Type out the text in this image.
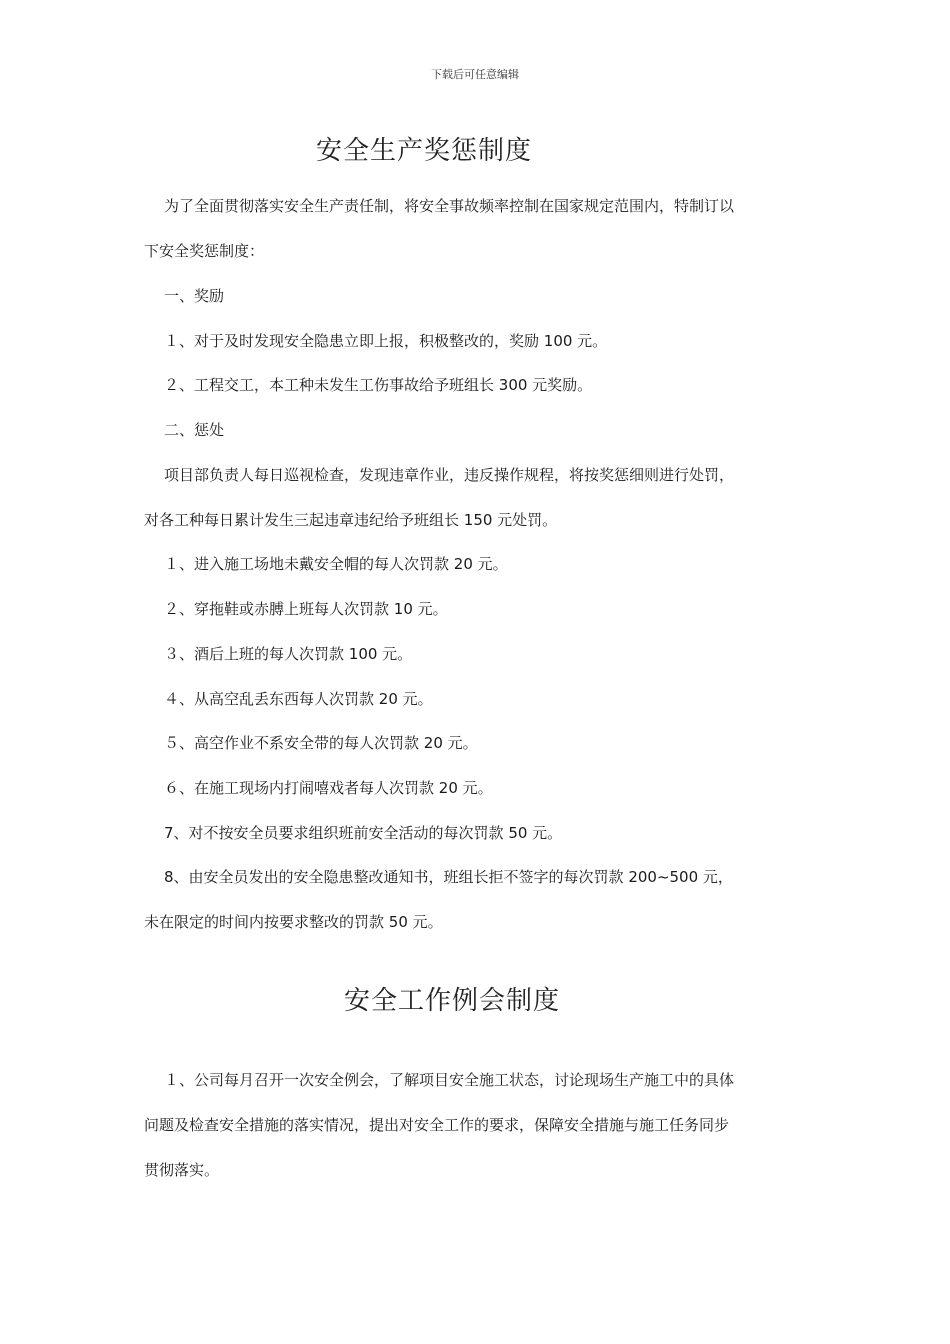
下载后可任意编辑
安全生产奖惩制度
为了全面贯彻落实安全生产责任制，将安全事故频率控制在国家规定范围内，特制订以
下安全奖惩制度：
一、奖励
１、对于及时发现安全隐患立即上报，积极整改的，奖励 100 元。
２、工程交工，本工种未发生工伤事故给予班组长 300 元奖励。
二、惩处
项目部负责人每日巡视检查，发现违章作业，违反操作规程，将按奖惩细则进行处罚，
对各工种每日累计发生三起违章违纪给予班组长 150 元处罚。
１、进入施工场地未戴安全帽的每人次罚款 20 元。
２、穿拖鞋或赤膊上班每人次罚款 10 元。
３、酒后上班的每人次罚款 100 元。
４、从高空乱丢东西每人次罚款 20 元。
５、高空作业不系安全带的每人次罚款 20 元。
６、在施工现场内打闹嘻戏者每人次罚款 20 元。
7、对不按安全员要求组织班前安全活动的每次罚款 50 元。
8、由安全员发出的安全隐患整改通知书，班组长拒不签字的每次罚款 200~500 元，
未在限定的时间内按要求整改的罚款 50 元。
安全工作例会制度
１、公司每月召开一次安全例会，了解项目安全施工状态，讨论现场生产施工中的具体
问题及检查安全措施的落实情况，提出对安全工作的要求，保障安全措施与施工任务同步
贯彻落实。
